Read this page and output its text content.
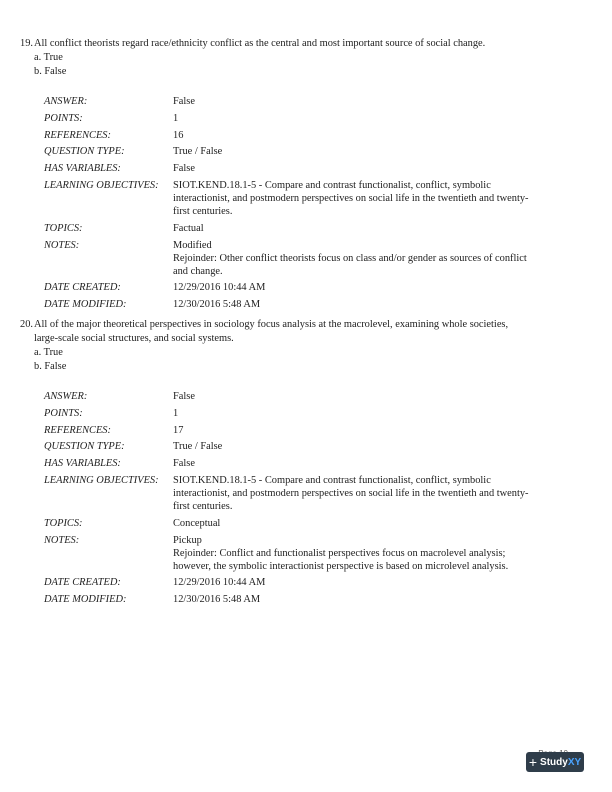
19.All conflict theorists regard race/ethnicity conflict as the central and most important source of social change.
a. True
b. False
ANSWER:	False
POINTS:	1
REFERENCES:	16
QUESTION TYPE:	True / False
HAS VARIABLES:	False
LEARNING OBJECTIVES:	SIOT.KEND.18.1-5 - Compare and contrast functionalist, conflict, symbolic
interactionist, and postmodern perspectives on social life in the twentieth and twenty-
first centuries.
TOPICS:	Factual
NOTES:	Modified
Rejoinder: Other conflict theorists focus on class and/or gender as sources of conflict
and change.
DATE CREATED:	12/29/2016 10:44 AM
DATE MODIFIED:	12/30/2016 5:48 AM
20.All of the major theoretical perspectives in sociology focus analysis at the macrolevel, examining whole societies,
large-scale social structures, and social systems.
a. True
b. False
ANSWER:	False
POINTS:	1
REFERENCES:	17
QUESTION TYPE:	True / False
HAS VARIABLES:	False
LEARNING OBJECTIVES:	SIOT.KEND.18.1-5 - Compare and contrast functionalist, conflict, symbolic
interactionist, and postmodern perspectives on social life in the twentieth and twenty-
first centuries.
TOPICS:	Conceptual
NOTES:	Pickup
Rejoinder: Conflict and functionalist perspectives focus on macrolevel analysis;
however, the symbolic interactionist perspective is based on microlevel analysis.
DATE CREATED:	12/29/2016 10:44 AM
DATE MODIFIED:	12/30/2016 5:48 AM
+ StudyXY
